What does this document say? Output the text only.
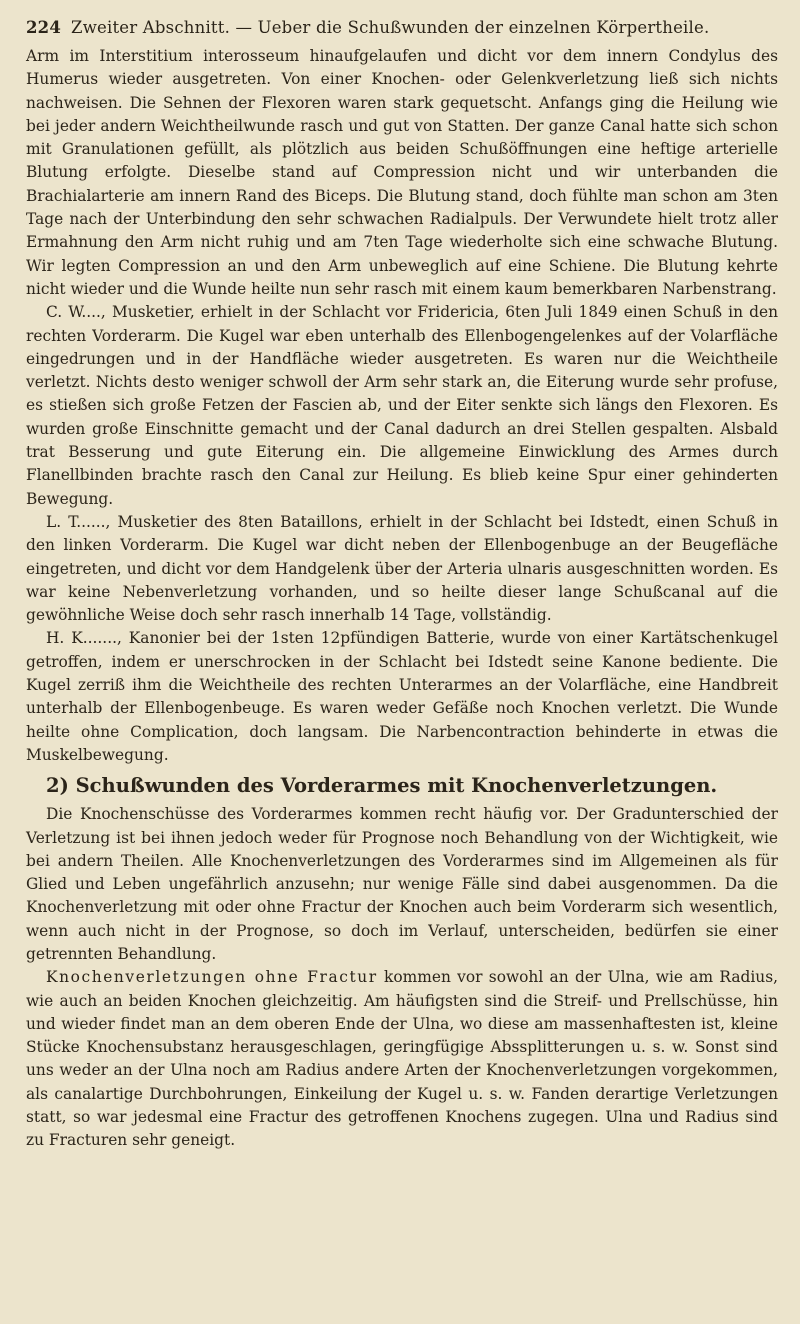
224 Zweiter Abschnitt. — Ueber die Schußwunden der einzelnen Körpertheile.

Arm im Interstitium interosseum hinaufgelaufen und dicht vor dem innern Condylus des Humerus wieder ausgetreten. Von einer Knochen- oder Gelenkverletzung ließ sich nichts nachweisen. Die Sehnen der Flexoren waren stark gequetscht. Anfangs ging die Heilung wie bei jeder andern Weichtheilwunde rasch und gut von Statten. Der ganze Canal hatte sich schon mit Granulationen gefüllt, als plötzlich aus beiden Schußöffnungen eine heftige arterielle Blutung erfolgte. Dieselbe stand auf Compression nicht und wir unterbanden die Brachialarterie am innern Rand des Biceps. Die Blutung stand, doch fühlte man schon am 3ten Tage nach der Unterbindung den sehr schwachen Radialpuls. Der Verwundete hielt trotz aller Ermahnung den Arm nicht ruhig und am 7ten Tage wiederholte sich eine schwache Blutung. Wir legten Compression an und den Arm unbeweglich auf eine Schiene. Die Blutung kehrte nicht wieder und die Wunde heilte nun sehr rasch mit einem kaum bemerkbaren Narbenstrang.

C. W...., Musketier, erhielt in der Schlacht vor Fridericia, 6ten Juli 1849 einen Schuß in den rechten Vorderarm. Die Kugel war eben unterhalb des Ellenbogengelenkes auf der Volarfläche eingedrungen und in der Handfläche wieder ausgetreten. Es waren nur die Weichtheile verletzt. Nichts desto weniger schwoll der Arm sehr stark an, die Eiterung wurde sehr profuse, es stießen sich große Fetzen der Fascien ab, und der Eiter senkte sich längs den Flexoren. Es wurden große Einschnitte gemacht und der Canal dadurch an drei Stellen gespalten. Alsbald trat Besserung und gute Eiterung ein. Die allgemeine Einwicklung des Armes durch Flanellbinden brachte rasch den Canal zur Heilung. Es blieb keine Spur einer gehinderten Bewegung.

L. T......, Musketier des 8ten Bataillons, erhielt in der Schlacht bei Idstedt, einen Schuß in den linken Vorderarm. Die Kugel war dicht neben der Ellenbogenbuge an der Beugefläche eingetreten, und dicht vor dem Handgelenk über der Arteria ulnaris ausgeschnitten worden. Es war keine Nebenverletzung vorhanden, und so heilte dieser lange Schußcanal auf die gewöhnliche Weise doch sehr rasch innerhalb 14 Tage, vollständig.

H. K......., Kanonier bei der 1sten 12pfündigen Batterie, wurde von einer Kartätschenkugel getroffen, indem er unerschrocken in der Schlacht bei Idstedt seine Kanone bediente. Die Kugel zerriß ihm die Weichtheile des rechten Unterarmes an der Volarfläche, eine Handbreit unterhalb der Ellenbogenbeuge. Es waren weder Gefäße noch Knochen verletzt. Die Wunde heilte ohne Complication, doch langsam. Die Narbencontraction behinderte in etwas die Muskelbewegung.

2) Schußwunden des Vorderarmes mit Knochenverletzungen.

Die Knochenschüsse des Vorderarmes kommen recht häufig vor. Der Gradunterschied der Verletzung ist bei ihnen jedoch weder für Prognose noch Behandlung von der Wichtigkeit, wie bei andern Theilen. Alle Knochenverletzungen des Vorderarmes sind im Allgemeinen als für Glied und Leben ungefährlich anzusehn; nur wenige Fälle sind dabei ausgenommen. Da die Knochenverletzung mit oder ohne Fractur der Knochen auch beim Vorderarm sich wesentlich, wenn auch nicht in der Prognose, so doch im Verlauf, unterscheiden, bedürfen sie einer getrennten Behandlung.

Knochenverletzungen ohne Fractur kommen vor sowohl an der Ulna, wie am Radius, wie auch an beiden Knochen gleichzeitig. Am häufigsten sind die Streif- und Prellschüsse, hin und wieder findet man an dem oberen Ende der Ulna, wo diese am massenhaftesten ist, kleine Stücke Knochensubstanz herausgeschlagen, geringfügige Abssplitterungen u. s. w. Sonst sind uns weder an der Ulna noch am Radius andere Arten der Knochenverletzungen vorgekommen, als canalartige Durchbohrungen, Einkeilung der Kugel u. s. w. Fanden derartige Verletzungen statt, so war jedesmal eine Fractur des getroffenen Knochens zugegen. Ulna und Radius sind zu Fracturen sehr geneigt.
